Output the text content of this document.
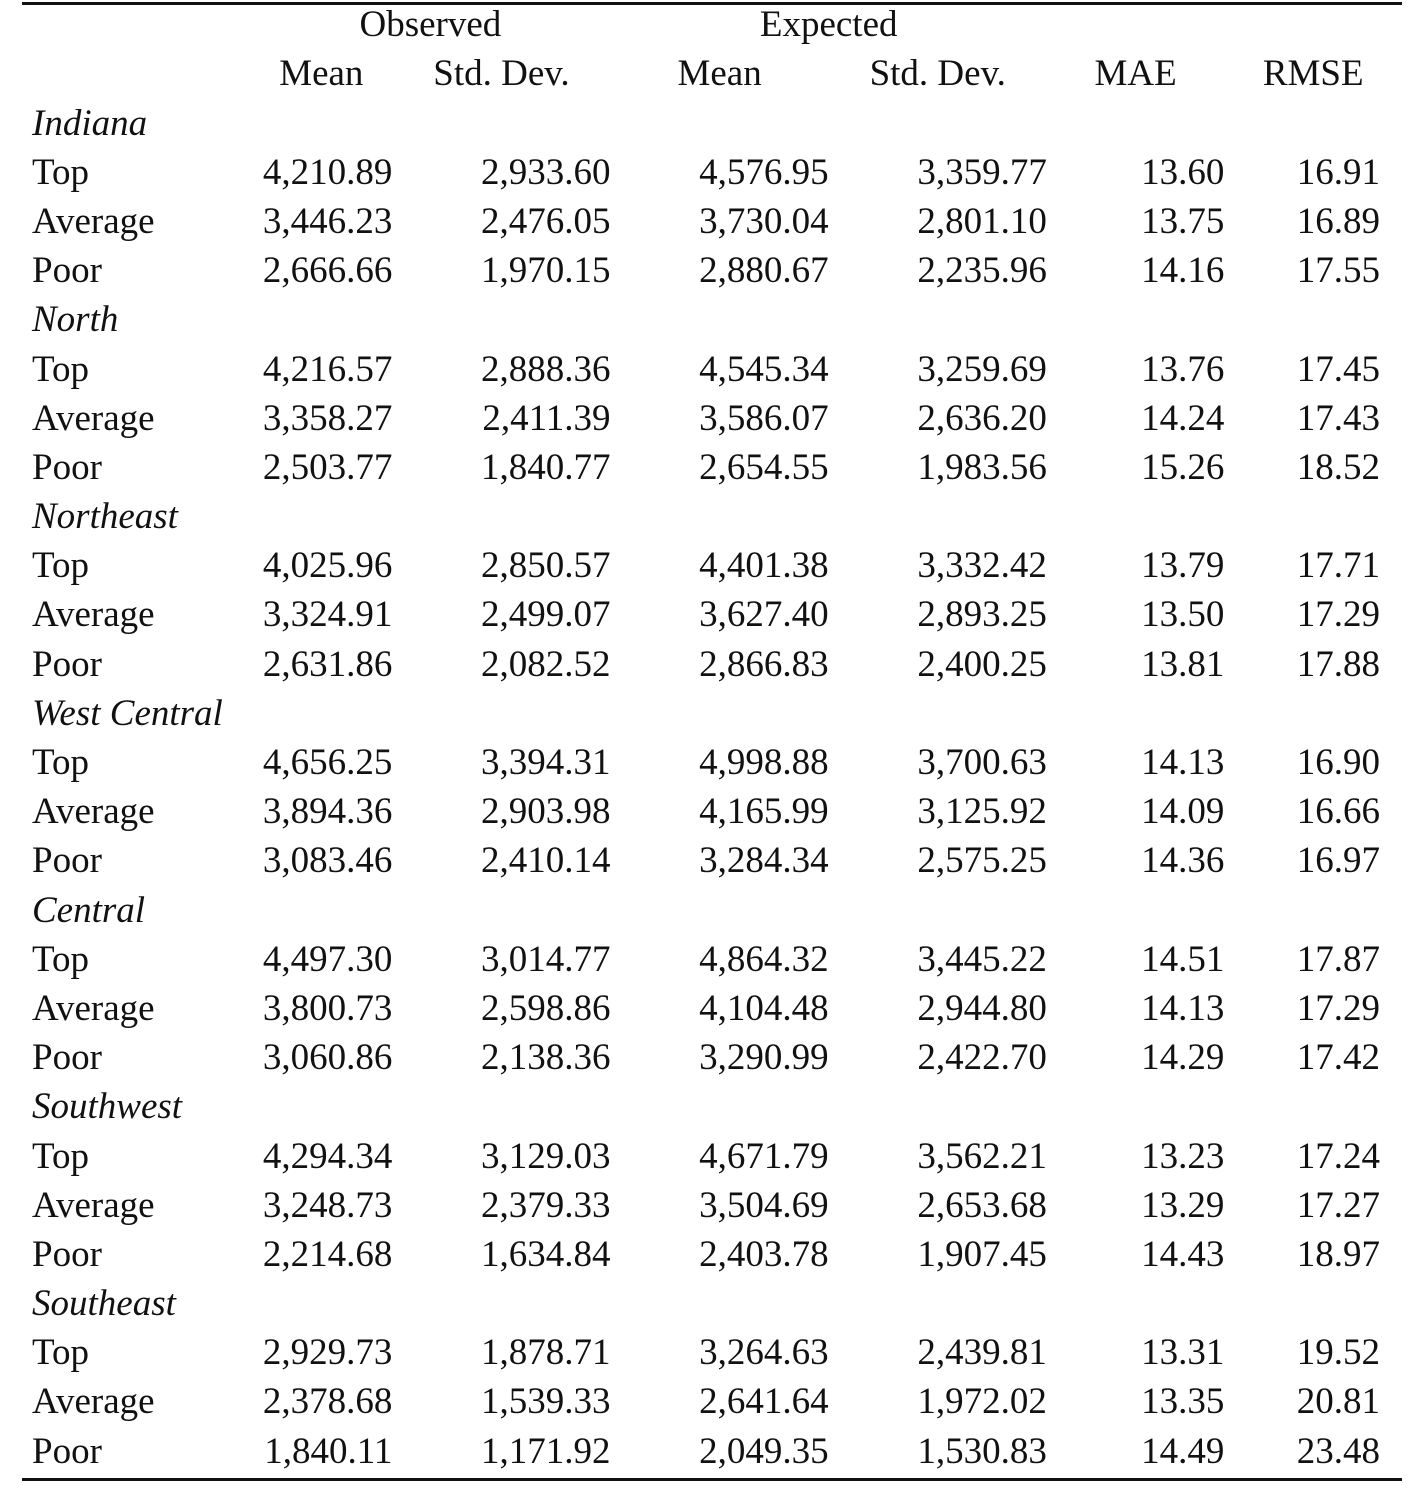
	Observed		Expected			
	Mean	Std. Dev.	Mean	Std. Dev.	MAE	RMSE
Indiana						
Top	4,210.89	2,933.60	4,576.95	3,359.77	13.60	16.91
Average	3,446.23	2,476.05	3,730.04	2,801.10	13.75	16.89
Poor	2,666.66	1,970.15	2,880.67	2,235.96	14.16	17.55
North						
Top	4,216.57	2,888.36	4,545.34	3,259.69	13.76	17.45
Average	3,358.27	2,411.39	3,586.07	2,636.20	14.24	17.43
Poor	2,503.77	1,840.77	2,654.55	1,983.56	15.26	18.52
Northeast						
Top	4,025.96	2,850.57	4,401.38	3,332.42	13.79	17.71
Average	3,324.91	2,499.07	3,627.40	2,893.25	13.50	17.29
Poor	2,631.86	2,082.52	2,866.83	2,400.25	13.81	17.88
West Central						
Top	4,656.25	3,394.31	4,998.88	3,700.63	14.13	16.90
Average	3,894.36	2,903.98	4,165.99	3,125.92	14.09	16.66
Poor	3,083.46	2,410.14	3,284.34	2,575.25	14.36	16.97
Central						
Top	4,497.30	3,014.77	4,864.32	3,445.22	14.51	17.87
Average	3,800.73	2,598.86	4,104.48	2,944.80	14.13	17.29
Poor	3,060.86	2,138.36	3,290.99	2,422.70	14.29	17.42
Southwest						
Top	4,294.34	3,129.03	4,671.79	3,562.21	13.23	17.24
Average	3,248.73	2,379.33	3,504.69	2,653.68	13.29	17.27
Poor	2,214.68	1,634.84	2,403.78	1,907.45	14.43	18.97
Southeast						
Top	2,929.73	1,878.71	3,264.63	2,439.81	13.31	19.52
Average	2,378.68	1,539.33	2,641.64	1,972.02	13.35	20.81
Poor	1,840.11	1,171.92	2,049.35	1,530.83	14.49	23.48
